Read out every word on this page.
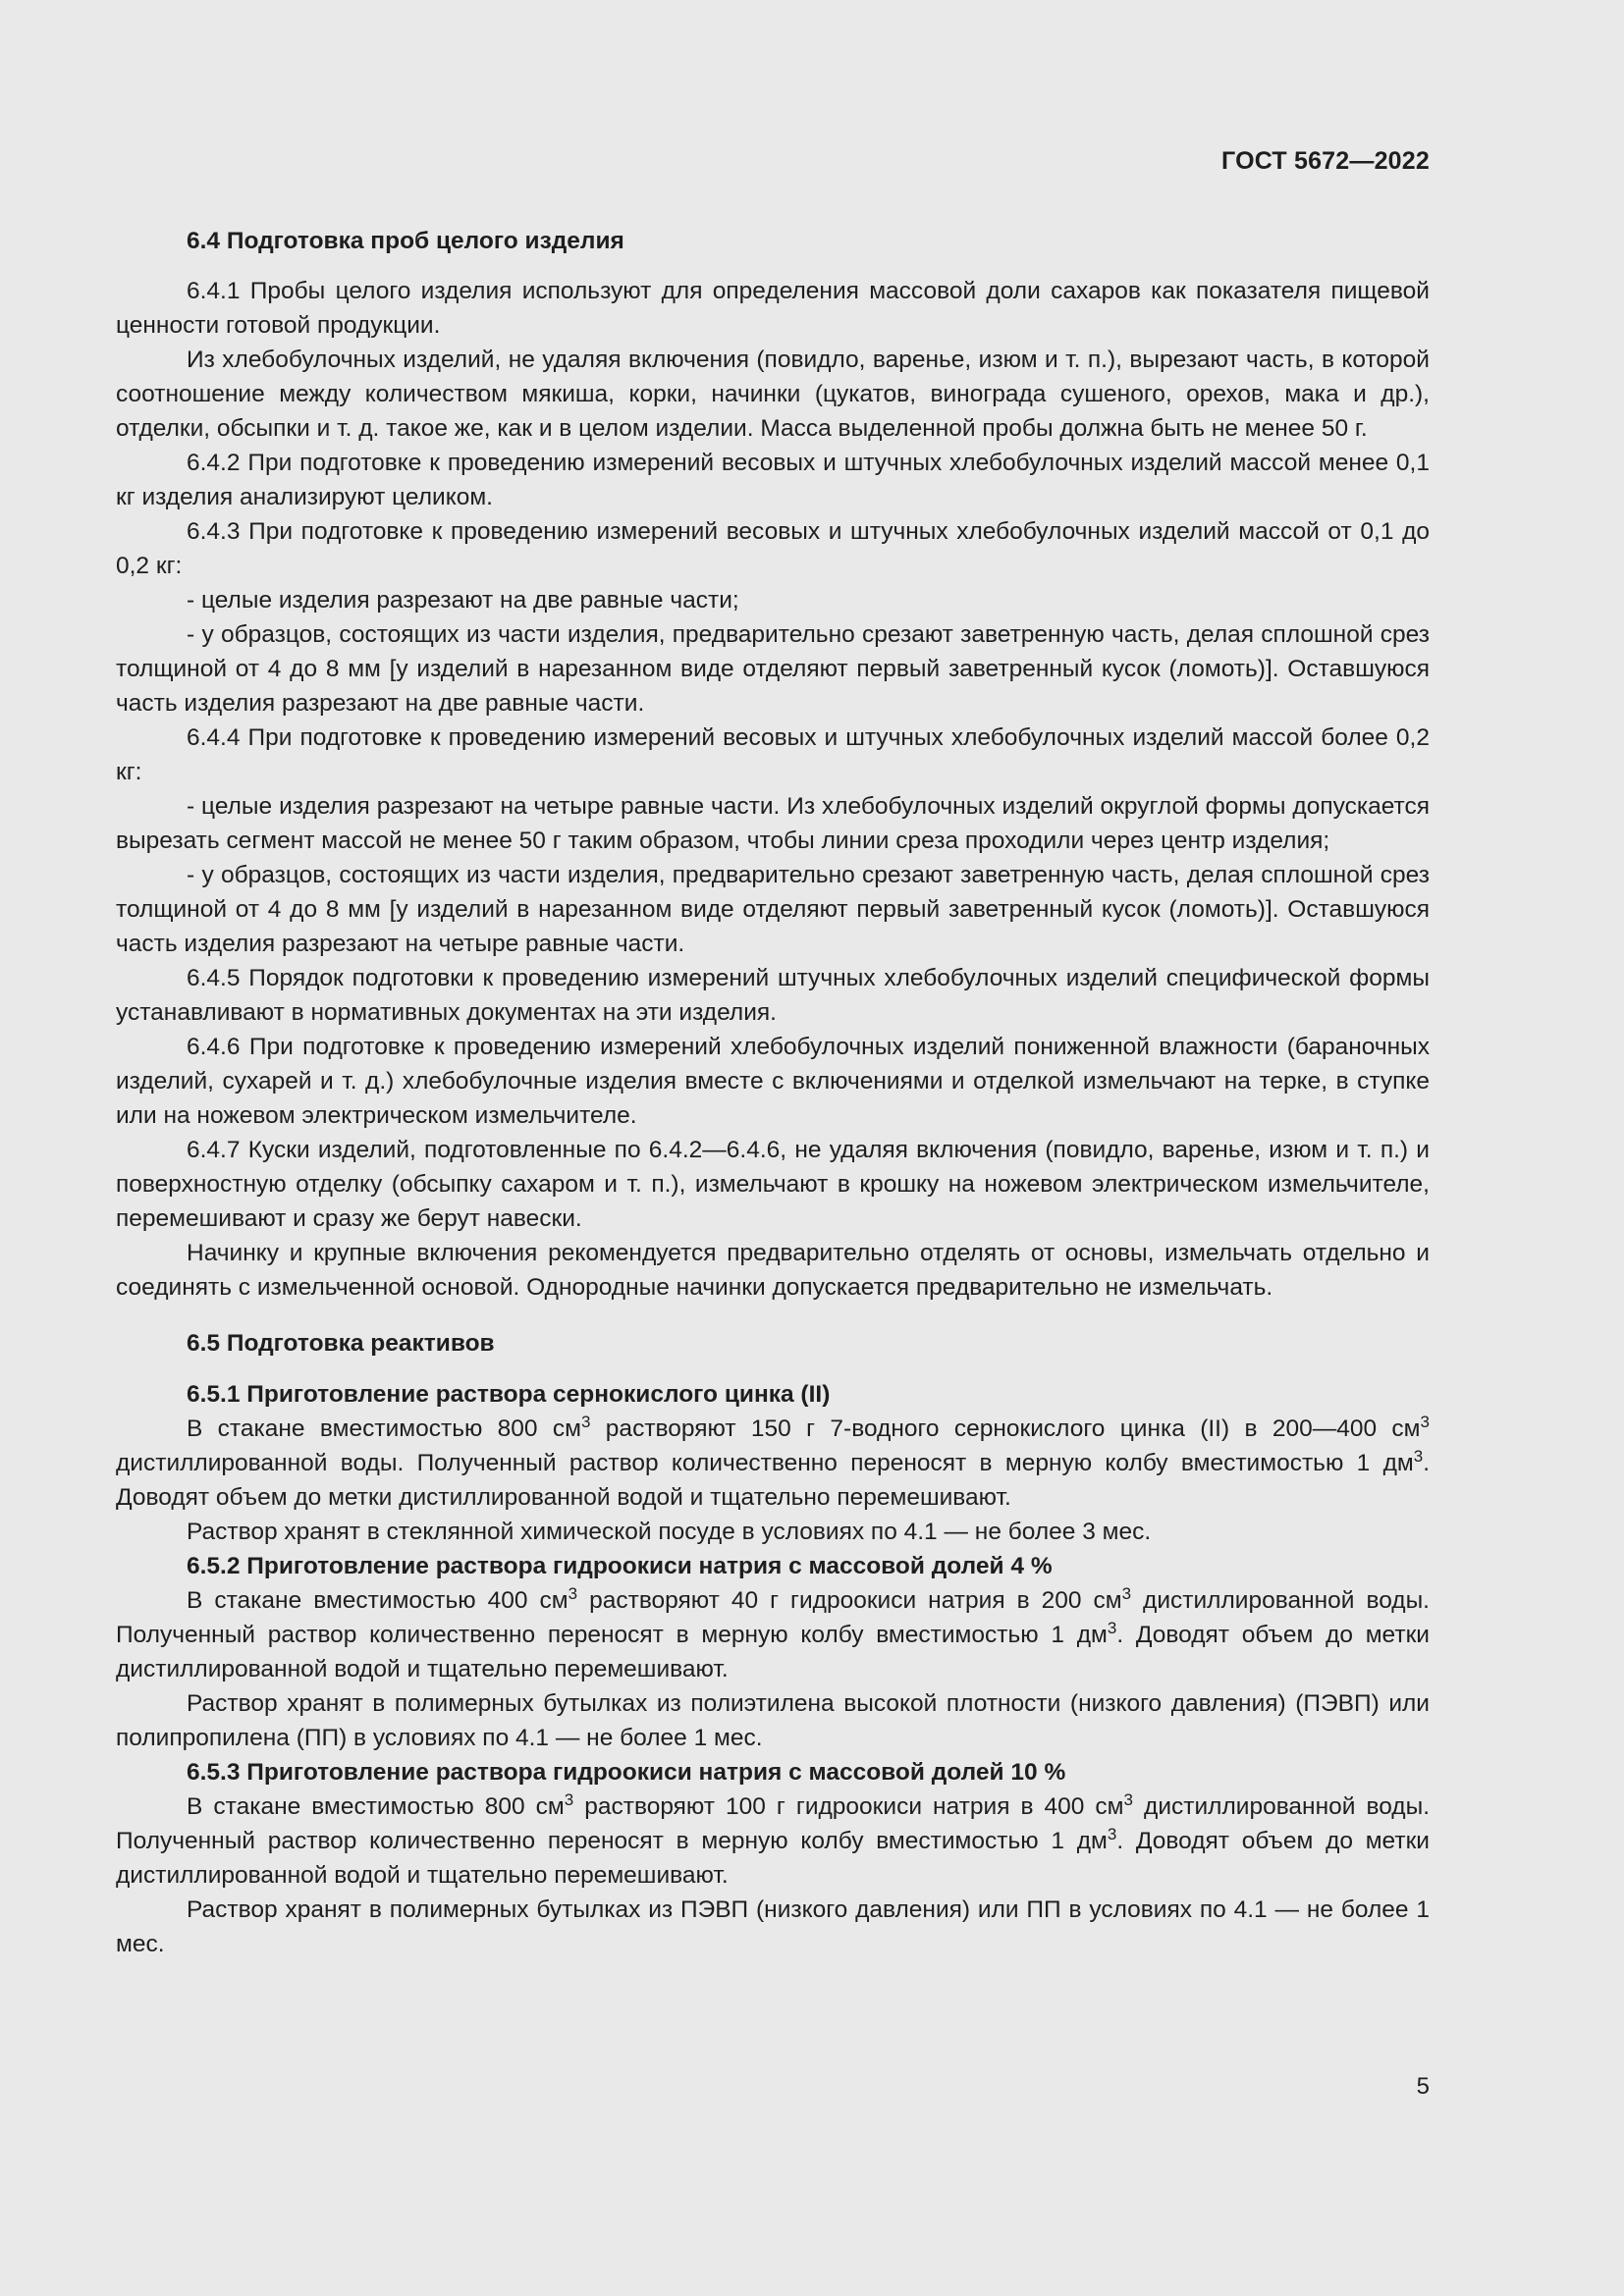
ГОСТ 5672—2022
6.4 Подготовка проб целого изделия

6.4.1 Пробы целого изделия используют для определения массовой доли сахаров как показателя пищевой ценности готовой продукции.

Из хлебобулочных изделий, не удаляя включения (повидло, варенье, изюм и т. п.), вырезают часть, в которой соотношение между количеством мякиша, корки, начинки (цукатов, винограда сушеного, орехов, мака и др.), отделки, обсыпки и т. д. такое же, как и в целом изделии. Масса выделенной пробы должна быть не менее 50 г.

6.4.2 При подготовке к проведению измерений весовых и штучных хлебобулочных изделий массой менее 0,1 кг изделия анализируют целиком.

6.4.3 При подготовке к проведению измерений весовых и штучных хлебобулочных изделий массой от 0,1 до 0,2 кг:

- целые изделия разрезают на две равные части;

- у образцов, состоящих из части изделия, предварительно срезают заветренную часть, делая сплошной срез толщиной от 4 до 8 мм [у изделий в нарезанном виде отделяют первый заветренный кусок (ломоть)]. Оставшуюся часть изделия разрезают на две равные части.

6.4.4 При подготовке к проведению измерений весовых и штучных хлебобулочных изделий массой более 0,2 кг:

- целые изделия разрезают на четыре равные части. Из хлебобулочных изделий округлой формы допускается вырезать сегмент массой не менее 50 г таким образом, чтобы линии среза проходили через центр изделия;

- у образцов, состоящих из части изделия, предварительно срезают заветренную часть, делая сплошной срез толщиной от 4 до 8 мм [у изделий в нарезанном виде отделяют первый заветренный кусок (ломоть)]. Оставшуюся часть изделия разрезают на четыре равные части.

6.4.5 Порядок подготовки к проведению измерений штучных хлебобулочных изделий специфической формы устанавливают в нормативных документах на эти изделия.

6.4.6 При подготовке к проведению измерений хлебобулочных изделий пониженной влажности (бараночных изделий, сухарей и т. д.) хлебобулочные изделия вместе с включениями и отделкой измельчают на терке, в ступке или на ножевом электрическом измельчителе.

6.4.7 Куски изделий, подготовленные по 6.4.2—6.4.6, не удаляя включения (повидло, варенье, изюм и т. п.) и поверхностную отделку (обсыпку сахаром и т. п.), измельчают в крошку на ножевом электрическом измельчителе, перемешивают и сразу же берут навески.

Начинку и крупные включения рекомендуется предварительно отделять от основы, измельчать отдельно и соединять с измельченной основой. Однородные начинки допускается предварительно не измельчать.

6.5 Подготовка реактивов
6.5.1 Приготовление раствора сернокислого цинка (II)

В стакане вместимостью 800 $см^3$ растворяют 150 г 7-водного сернокислого цинка (II) в 200—400 $см^3$ дистиллированной воды. Полученный раствор количественно переносят в мерную колбу вместимостью 1 $дм^3$. Доводят объем до метки дистиллированной водой и тщательно перемешивают.

Раствор хранят в стеклянной химической посуде в условиях по 4.1 — не более 3 мес.

6.5.2 Приготовление раствора гидроокиси натрия с массовой долей 4 %

В стакане вместимостью 400 $см^3$ растворяют 40 г гидроокиси натрия в 200 $см^3$ дистиллированной воды. Полученный раствор количественно переносят в мерную колбу вместимостью 1 $дм^3$. Доводят объем до метки дистиллированной водой и тщательно перемешивают.

Раствор хранят в полимерных бутылках из полиэтилена высокой плотности (низкого давления) (ПЭВП) или полипропилена (ПП) в условиях по 4.1 — не более 1 мес.

6.5.3 Приготовление раствора гидроокиси натрия с массовой долей 10 %

В стакане вместимостью 800 $см^3$ растворяют 100 г гидроокиси натрия в 400 $см^3$ дистиллированной воды. Полученный раствор количественно переносят в мерную колбу вместимостью 1 $дм^3$. Доводят объем до метки дистиллированной водой и тщательно перемешивают.

Раствор хранят в полимерных бутылках из ПЭВП (низкого давления) или ПП в условиях по 4.1 — не более 1 мес.

5
